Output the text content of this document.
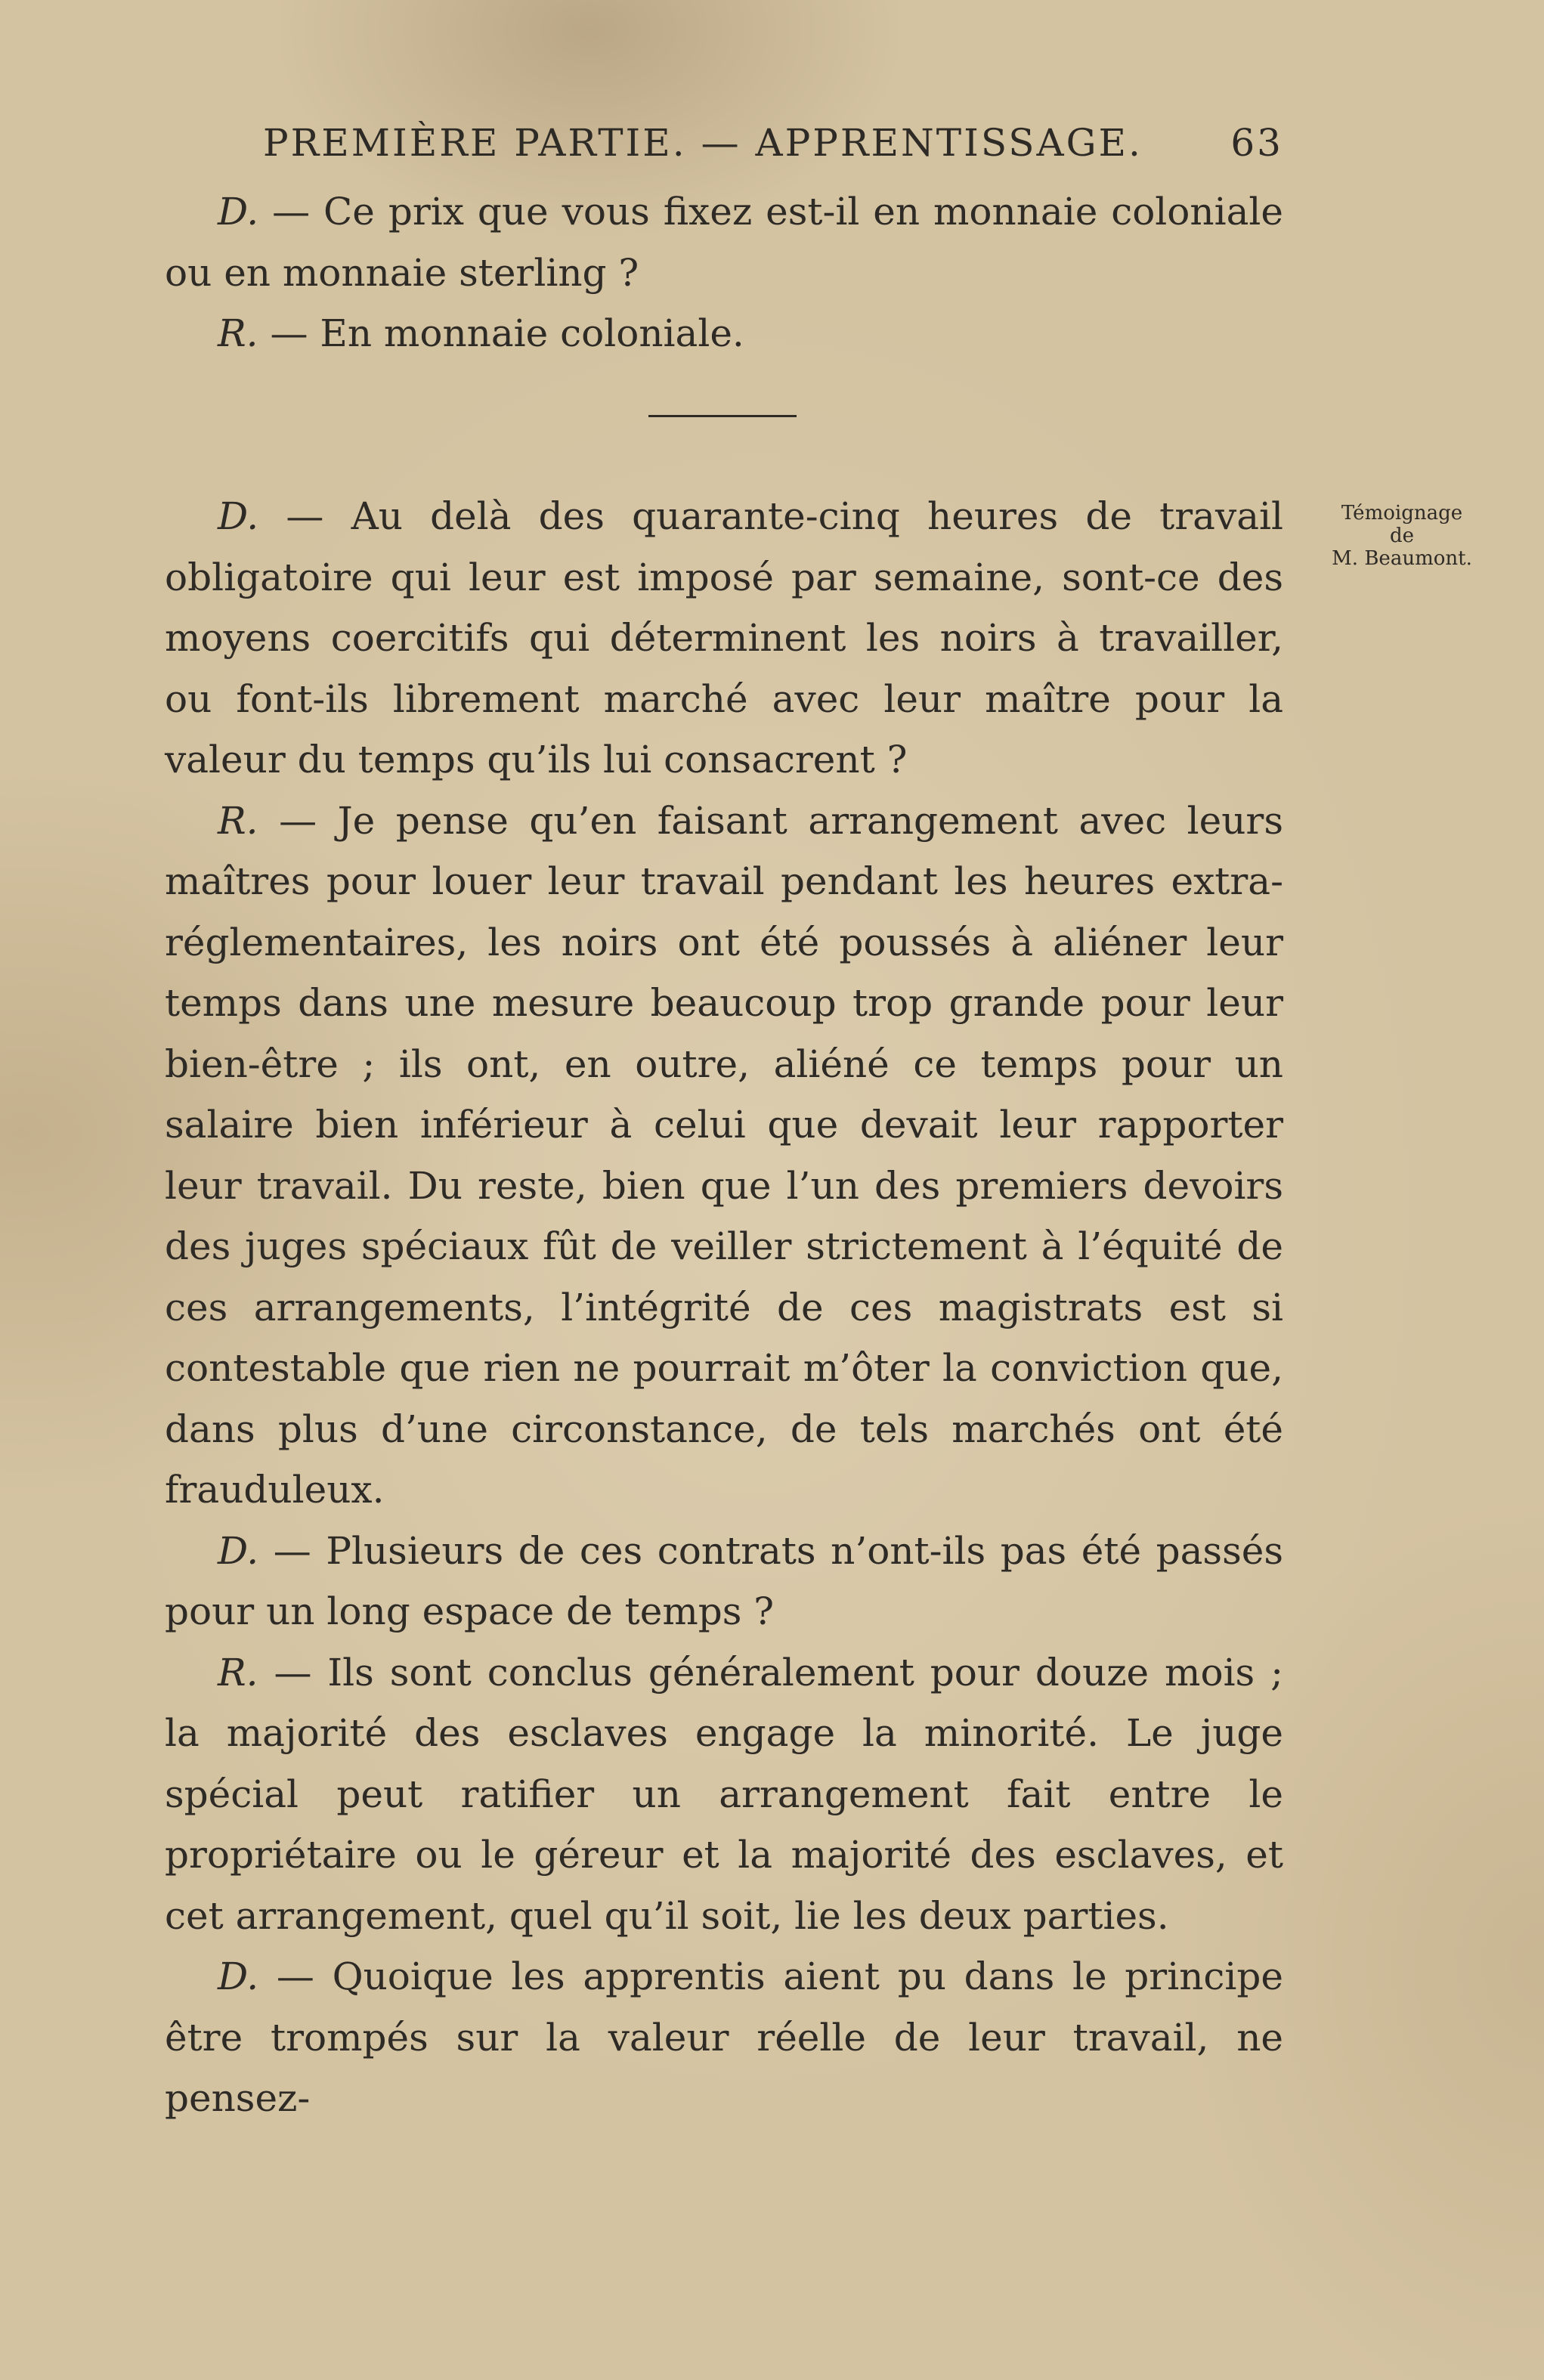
PREMIÈRE PARTIE. — APPRENTISSAGE. 63

D. — Ce prix que vous fixez est-il en monnaie coloniale ou en monnaie sterling ?

R. — En monnaie coloniale.

Témoignage
de
M. Beaumont.

D. — Au delà des quarante-cinq heures de travail obligatoire qui leur est imposé par semaine, sont-ce des moyens coercitifs qui déterminent les noirs à travailler, ou font-ils librement marché avec leur maître pour la valeur du temps qu’ils lui consacrent ?

R. — Je pense qu’en faisant arrangement avec leurs maîtres pour louer leur travail pendant les heures extra-réglementaires, les noirs ont été poussés à aliéner leur temps dans une mesure beaucoup trop grande pour leur bien-être ; ils ont, en outre, aliéné ce temps pour un salaire bien inférieur à celui que devait leur rapporter leur travail. Du reste, bien que l’un des premiers devoirs des juges spéciaux fût de veiller strictement à l’équité de ces arrangements, l’intégrité de ces magistrats est si contestable que rien ne pourrait m’ôter la conviction que, dans plus d’une circonstance, de tels marchés ont été frauduleux.

D. — Plusieurs de ces contrats n’ont-ils pas été passés pour un long espace de temps ?

R. — Ils sont conclus généralement pour douze mois ; la majorité des esclaves engage la minorité. Le juge spécial peut ratifier un arrangement fait entre le propriétaire ou le géreur et la majorité des esclaves, et cet arrangement, quel qu’il soit, lie les deux parties.

D. — Quoique les apprentis aient pu dans le principe être trompés sur la valeur réelle de leur travail, ne pensez-
